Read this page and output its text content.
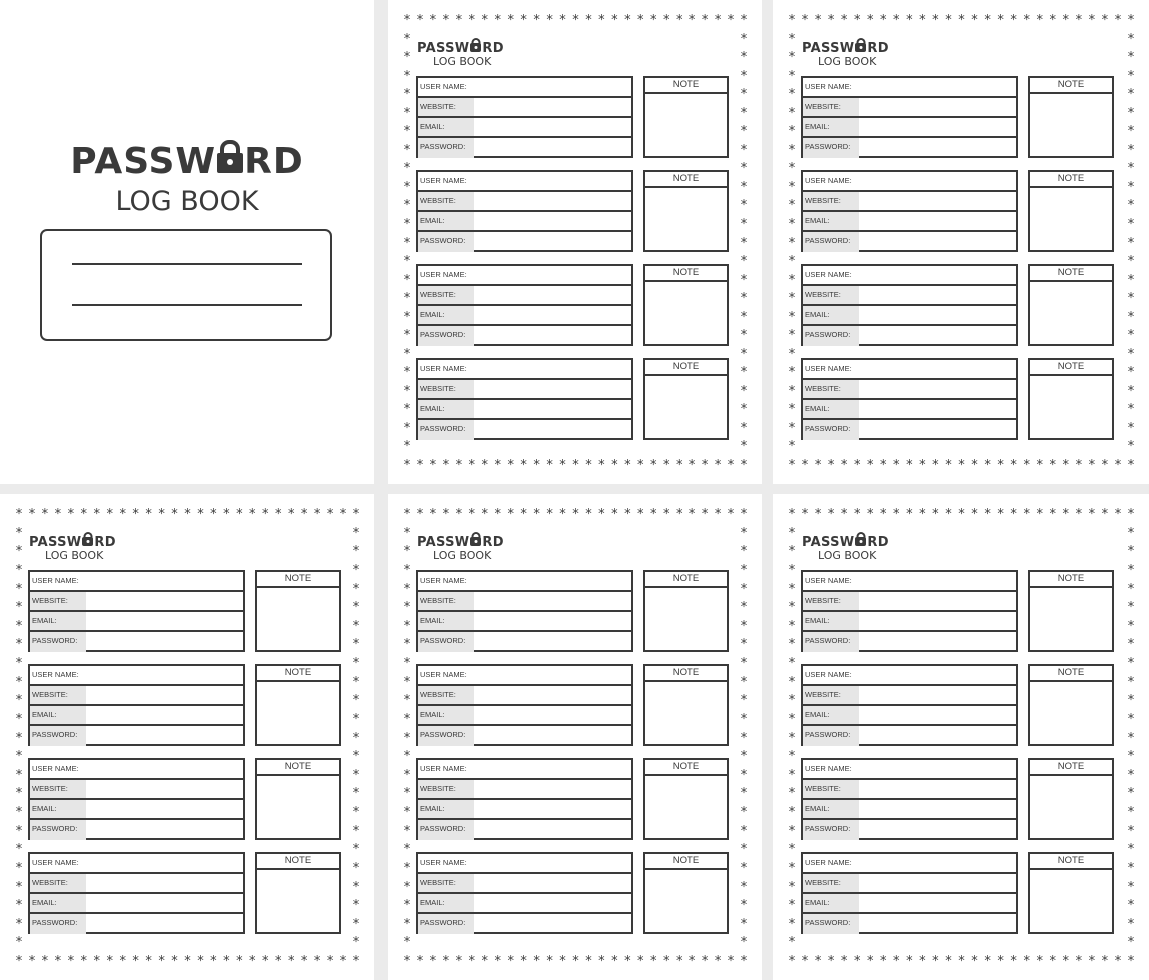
PASSW RD
LOG BOOK
*
*
*
*
*
*
*
*
*
*
*
*
*
*
*
*
*
*
*
*
*
*
*
*
*
*
*
*
*
*
*
*
*
*
*
*
*
*
*
*
*
*
*
*
*
*
*
*
*
*
*
*
*
*
*	*
*	*
*	*
*	*
*	*
*	*
*	*
*	*
*	*
*	*
*	*
*	*
*	*
*	*
*	*
*	*
*	*
*	*
*	*
*	*
*	*
*	*
*	*
PASSW RD
LOG BOOK
USER NAME:
WEBSITE:
EMAIL:
PASSWORD:
NOTE
USER NAME:
WEBSITE:
EMAIL:
PASSWORD:
NOTE
USER NAME:
WEBSITE:
EMAIL:
PASSWORD:
NOTE
USER NAME:
WEBSITE:
EMAIL:
PASSWORD:
NOTE
*
*
*
*
*
*
*
*
*
*
*
*
*
*
*
*
*
*
*
*
*
*
*
*
*
*
*
*
*
*
*
*
*
*
*
*
*
*
*
*
*
*
*
*
*
*
*
*
*
*
*
*
*
*
*	*
*	*
*	*
*	*
*	*
*	*
*	*
*	*
*	*
*	*
*	*
*	*
*	*
*	*
*	*
*	*
*	*
*	*
*	*
*	*
*	*
*	*
*	*
PASSW RD
LOG BOOK
USER NAME:
WEBSITE:
EMAIL:
PASSWORD:
NOTE
USER NAME:
WEBSITE:
EMAIL:
PASSWORD:
NOTE
USER NAME:
WEBSITE:
EMAIL:
PASSWORD:
NOTE
USER NAME:
WEBSITE:
EMAIL:
PASSWORD:
NOTE
*
*
*
*
*
*
*
*
*
*
*
*
*
*
*
*
*
*
*
*
*
*
*
*
*
*
*
*
*
*
*
*
*
*
*
*
*
*
*
*
*
*
*
*
*
*
*
*
*
*
*
*
*
*
*	*
*	*
*	*
*	*
*	*
*	*
*	*
*	*
*	*
*	*
*	*
*	*
*	*
*	*
*	*
*	*
*	*
*	*
*	*
*	*
*	*
*	*
*	*
PASSW RD
LOG BOOK
USER NAME:
WEBSITE:
EMAIL:
PASSWORD:
NOTE
USER NAME:
WEBSITE:
EMAIL:
PASSWORD:
NOTE
USER NAME:
WEBSITE:
EMAIL:
PASSWORD:
NOTE
USER NAME:
WEBSITE:
EMAIL:
PASSWORD:
NOTE
*
*
*
*
*
*
*
*
*
*
*
*
*
*
*
*
*
*
*
*
*
*
*
*
*
*
*
*
*
*
*
*
*
*
*
*
*
*
*
*
*
*
*
*
*
*
*
*
*
*
*
*
*
*
*	*
*	*
*	*
*	*
*	*
*	*
*	*
*	*
*	*
*	*
*	*
*	*
*	*
*	*
*	*
*	*
*	*
*	*
*	*
*	*
*	*
*	*
*	*
PASSW RD
LOG BOOK
USER NAME:
WEBSITE:
EMAIL:
PASSWORD:
NOTE
USER NAME:
WEBSITE:
EMAIL:
PASSWORD:
NOTE
USER NAME:
WEBSITE:
EMAIL:
PASSWORD:
NOTE
USER NAME:
WEBSITE:
EMAIL:
PASSWORD:
NOTE
*
*
*
*
*
*
*
*
*
*
*
*
*
*
*
*
*
*
*
*
*
*
*
*
*
*
*
*
*
*
*
*
*
*
*
*
*
*
*
*
*
*
*
*
*
*
*
*
*
*
*
*
*
*
*	*
*	*
*	*
*	*
*	*
*	*
*	*
*	*
*	*
*	*
*	*
*	*
*	*
*	*
*	*
*	*
*	*
*	*
*	*
*	*
*	*
*	*
*	*
PASSW RD
LOG BOOK
USER NAME:
WEBSITE:
EMAIL:
PASSWORD:
NOTE
USER NAME:
WEBSITE:
EMAIL:
PASSWORD:
NOTE
USER NAME:
WEBSITE:
EMAIL:
PASSWORD:
NOTE
USER NAME:
WEBSITE:
EMAIL:
PASSWORD:
NOTE
